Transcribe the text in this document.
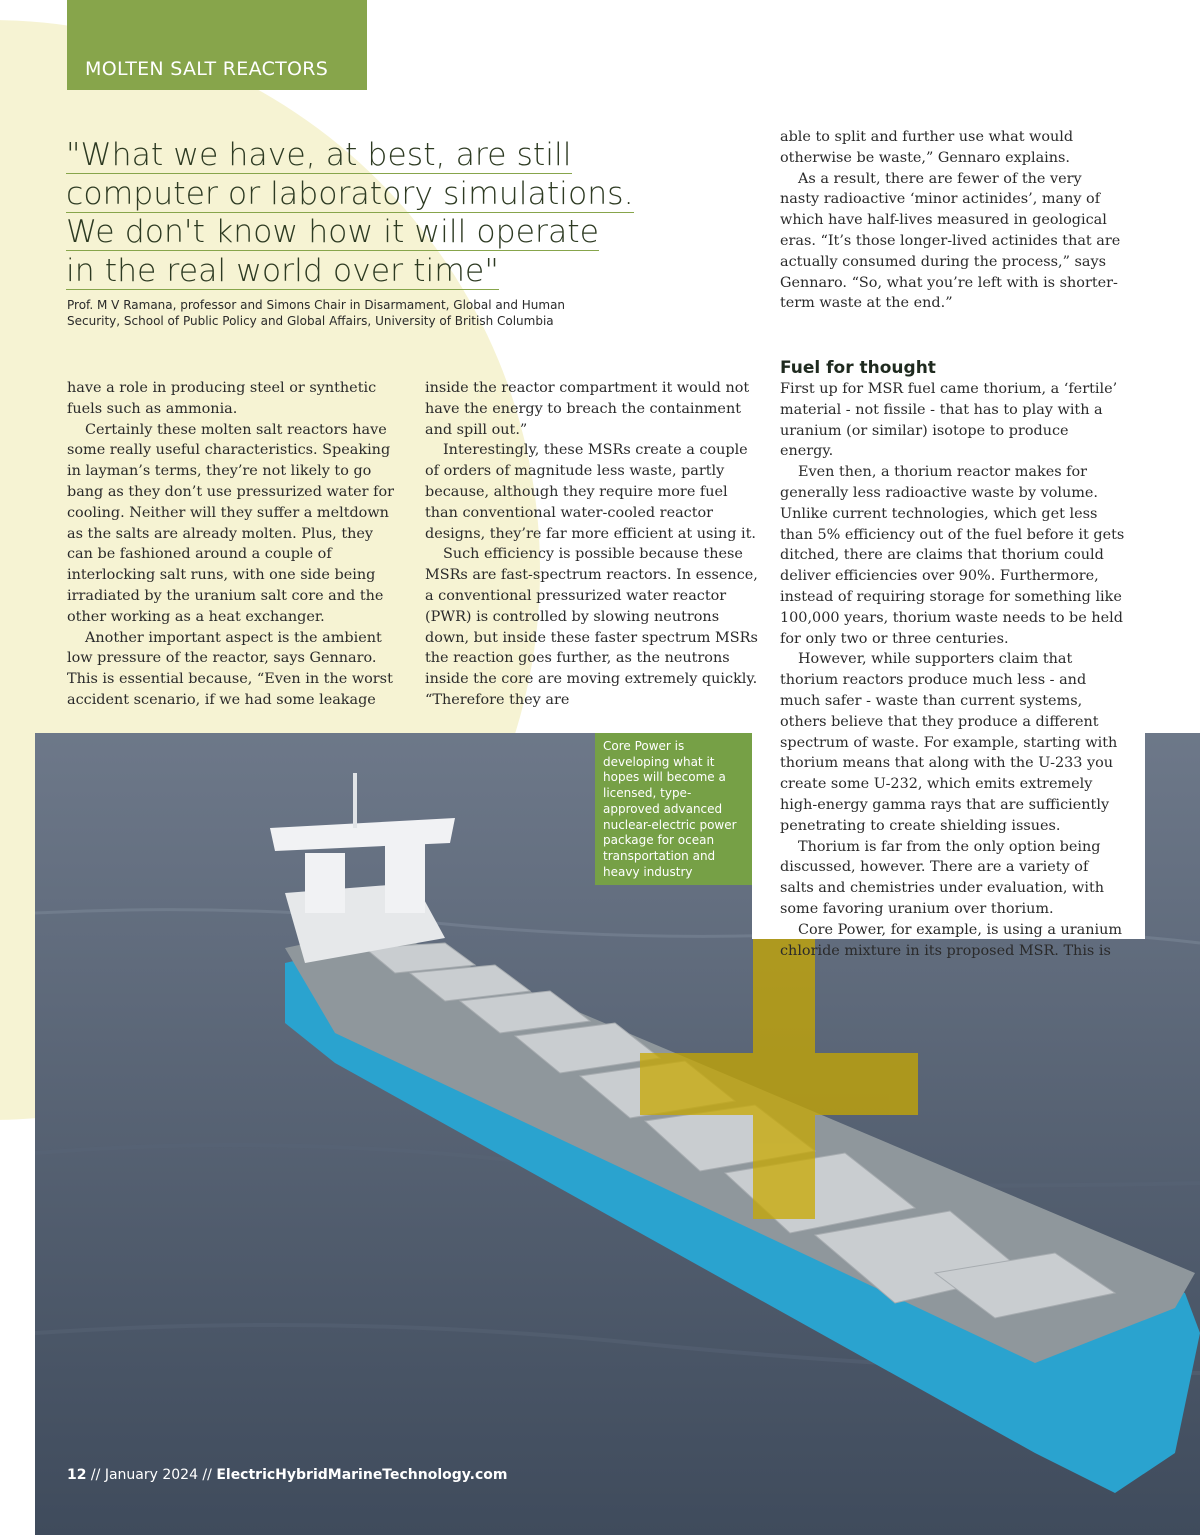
MOLTEN SALT REACTORS
"What we have, at best, are still
computer or laboratory simulations.
We don't know how it will operate
in the real world over time"
Prof. M V Ramana, professor and Simons Chair in Disarmament, Global and Human
Security, School of Public Policy and Global Affairs, University of British Columbia

have a role in producing steel or synthetic fuels such as ammonia.

Certainly these molten salt reactors have some really useful characteristics. Speaking in layman’s terms, they’re not likely to go bang as they don’t use pressurized water for cooling. Neither will they suffer a meltdown as the salts are already molten. Plus, they can be fashioned around a couple of interlocking salt runs, with one side being irradiated by the uranium salt core and the other working as a heat exchanger.

Another important aspect is the ambient low pressure of the reactor, says Gennaro. This is essential because, “Even in the worst accident scenario, if we had some leakage

inside the reactor compartment it would not have the energy to breach the containment and spill out.”

Interestingly, these MSRs create a couple of orders of magnitude less waste, partly because, although they require more fuel than conventional water-cooled reactor designs, they’re far more efficient at using it.

Such efficiency is possible because these MSRs are fast-spectrum reactors. In essence, a conventional pressurized water reactor (PWR) is controlled by slowing neutrons down, but inside these faster spectrum MSRs the reaction goes further, as the neutrons inside the core are moving extremely quickly. “Therefore they are

able to split and further use what would otherwise be waste,” Gennaro explains.

As a result, there are fewer of the very nasty radioactive ‘minor actinides’, many of which have half-lives measured in geological eras. “It’s those longer-lived actinides that are actually consumed during the process,” says Gennaro. “So, what you’re left with is shorter-term waste at the end.”

Fuel for thought

First up for MSR fuel came thorium, a ‘fertile’ material - not fissile - that has to play with a uranium (or similar) isotope to produce energy.

Even then, a thorium reactor makes for generally less radioactive waste by volume. Unlike current technologies, which get less than 5% efficiency out of the fuel before it gets ditched, there are claims that thorium could deliver efficiencies over 90%. Furthermore, instead of requiring storage for something like 100,000 years, thorium waste needs to be held for only two or three centuries.

However, while supporters claim that thorium reactors produce much less - and much safer - waste than current systems, others believe that they produce a different spectrum of waste. For example, starting with thorium means that along with the U-233 you create some U-232, which emits extremely high-energy gamma rays that are sufficiently penetrating to create shielding issues.

Thorium is far from the only option being discussed, however. There are a variety of salts and chemistries under evaluation, with some favoring uranium over thorium.

Core Power, for example, is using a uranium chloride mixture in its proposed MSR. This is

Core Power is developing what it hopes will become a licensed, type-approved advanced nuclear-electric power package for ocean transportation and heavy industry
12 // January 2024 // ElectricHybridMarineTechnology.com
